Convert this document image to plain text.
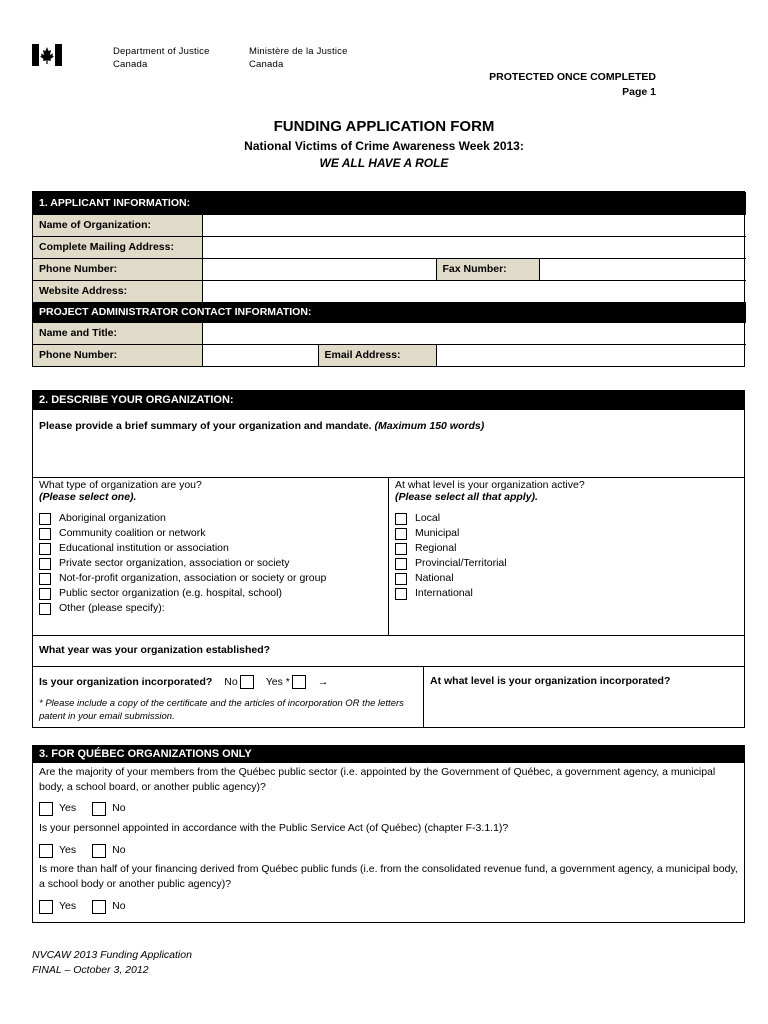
Department of Justice
Canada
Ministère de la Justice
Canada
PROTECTED ONCE COMPLETED
Page 1
FUNDING APPLICATION FORM
National Victims of Crime Awareness Week 2013:
WE ALL HAVE A ROLE
1. APPLICANT INFORMATION:				
Name of Organization:				
Complete Mailing Address:				
Phone Number:			Fax Number:	
Website Address:				
PROJECT ADMINISTRATOR CONTACT INFORMATION:				
Name and Title:				
Phone Number:		Email Address:		
2. DESCRIBE YOUR ORGANIZATION:
Please provide a brief summary of your organization and mandate. (Maximum 150 words)
What type of organization are you?
(Please select one).
Aboriginal organization
Community coalition or network
Educational institution or association
Private sector organization, association or society
Not-for-profit organization, association or society or group
Public sector organization (e.g. hospital, school)
Other (please specify):
At what level is your organization active?
(Please select all that apply).
Local
Municipal
Regional
Provincial/Territorial
National
International
What year was your organization established?
Is your organization incorporated? No	Yes *	→
* Please include a copy of the certificate and the articles of incorporation OR the letters patent in your email submission.
At what level is your organization incorporated?
3. FOR QUÉBEC ORGANIZATIONS ONLY
Are the majority of your members from the Québec public sector (i.e. appointed by the Government of Québec, a government agency, a municipal body, a school board, or another public agency)?
Yes	No
Is your personnel appointed in accordance with the Public Service Act (of Québec) (chapter F-3.1.1)?
Yes	No
Is more than half of your financing derived from Québec public funds (i.e. from the consolidated revenue fund, a government agency, a municipal body, a school body or another public agency)?
Yes	No
NVCAW 2013 Funding Application
FINAL – October 3, 2012
